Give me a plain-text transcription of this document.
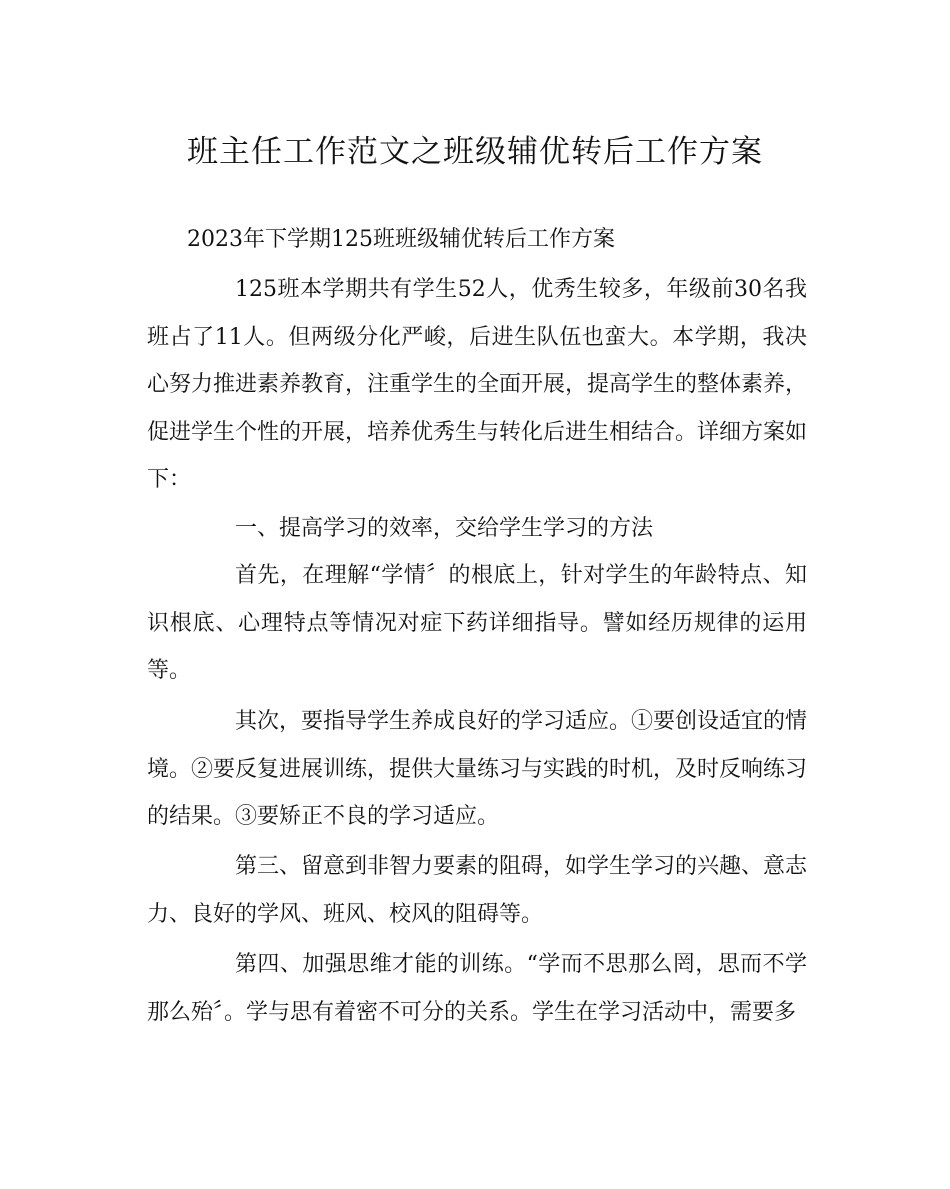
班主任工作范文之班级辅优转后工作方案
2023年下学期125班班级辅优转后工作方案

125班本学期共有学生52人，优秀生较多，年级前30名我班占了11人。但两级分化严峻，后进生队伍也蛮大。本学期，我决心努力推进素养教育，注重学生的全面开展，提高学生的整体素养，促进学生个性的开展，培养优秀生与转化后进生相结合。详细方案如下：

一、提高学习的效率，交给学生学习的方法

首先，在理解“学情〞的根底上，针对学生的年龄特点、知识根底、心理特点等情况对症下药详细指导。譬如经历规律的运用等。

其次，要指导学生养成良好的学习适应。①要创设适宜的情境。②要反复进展训练，提供大量练习与实践的时机，及时反响练习的结果。③要矫正不良的学习适应。

第三、留意到非智力要素的阻碍，如学生学习的兴趣、意志力、良好的学风、班风、校风的阻碍等。

第四、加强思维才能的训练。“学而不思那么罔，思而不学那么殆〞。学与思有着密不可分的关系。学生在学习活动中，需要多
